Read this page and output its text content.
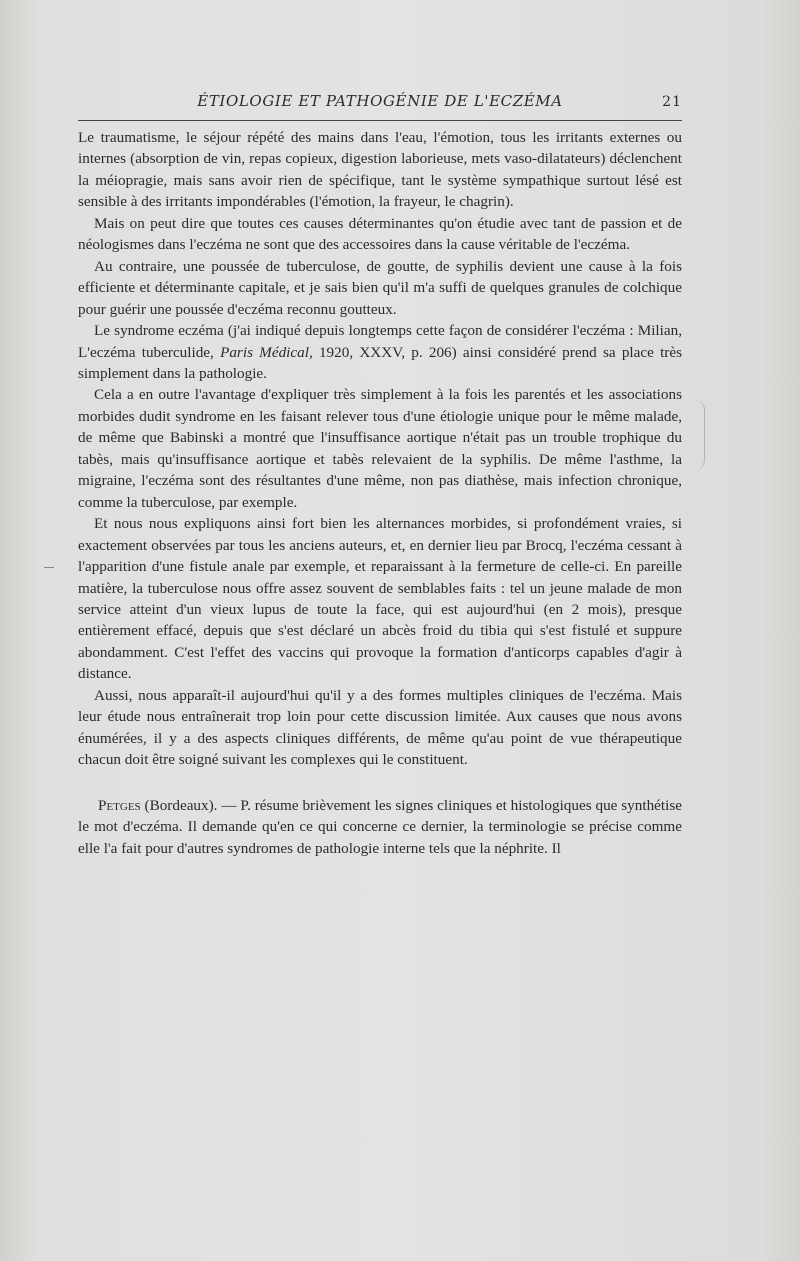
ÉTIOLOGIE ET PATHOGÉNIE DE L'ECZÉMA	21

Le traumatisme, le séjour répété des mains dans l'eau, l'émotion, tous les irritants externes ou internes (absorption de vin, repas copieux, digestion laborieuse, mets vaso-dilatateurs) déclenchent la méiopragie, mais sans avoir rien de spécifique, tant le système sympathique surtout lésé est sensible à des irritants impondérables (l'émotion, la frayeur, le chagrin).

Mais on peut dire que toutes ces causes déterminantes qu'on étudie avec tant de passion et de néologismes dans l'eczéma ne sont que des accessoires dans la cause véritable de l'eczéma.

Au contraire, une poussée de tuberculose, de goutte, de syphilis devient une cause à la fois efficiente et déterminante capitale, et je sais bien qu'il m'a suffi de quelques granules de colchique pour guérir une poussée d'eczéma reconnu goutteux.

Le syndrome eczéma (j'ai indiqué depuis longtemps cette façon de considérer l'eczéma : Milian, L'eczéma tuberculide, Paris Médical, 1920, XXXV, p. 206) ainsi considéré prend sa place très simplement dans la pathologie.

Cela a en outre l'avantage d'expliquer très simplement à la fois les parentés et les associations morbides dudit syndrome en les faisant relever tous d'une étiologie unique pour le même malade, de même que Babinski a montré que l'insuffisance aortique n'était pas un trouble trophique du tabès, mais qu'insuffisance aortique et tabès relevaient de la syphilis. De même l'asthme, la migraine, l'eczéma sont des résultantes d'une même, non pas diathèse, mais infection chronique, comme la tuberculose, par exemple.

Et nous nous expliquons ainsi fort bien les alternances morbides, si profondément vraies, si exactement observées par tous les anciens auteurs, et, en dernier lieu par Brocq, l'eczéma cessant à l'apparition d'une fistule anale par exemple, et reparaissant à la fermeture de celle-ci. En pareille matière, la tuberculose nous offre assez souvent de semblables faits : tel un jeune malade de mon service atteint d'un vieux lupus de toute la face, qui est aujourd'hui (en 2 mois), presque entièrement effacé, depuis que s'est déclaré un abcès froid du tibia qui s'est fistulé et suppure abondamment. C'est l'effet des vaccins qui provoque la formation d'anticorps capables d'agir à distance.

Aussi, nous apparaît-il aujourd'hui qu'il y a des formes multiples cliniques de l'eczéma. Mais leur étude nous entraînerait trop loin pour cette discussion limitée. Aux causes que nous avons énumérées, il y a des aspects cliniques différents, de même qu'au point de vue thérapeutique chacun doit être soigné suivant les complexes qui le constituent.

Petges (Bordeaux). — P. résume brièvement les signes cliniques et histologiques que synthétise le mot d'eczéma. Il demande qu'en ce qui concerne ce dernier, la terminologie se précise comme elle l'a fait pour d'autres syndromes de pathologie interne tels que la néphrite. Il
